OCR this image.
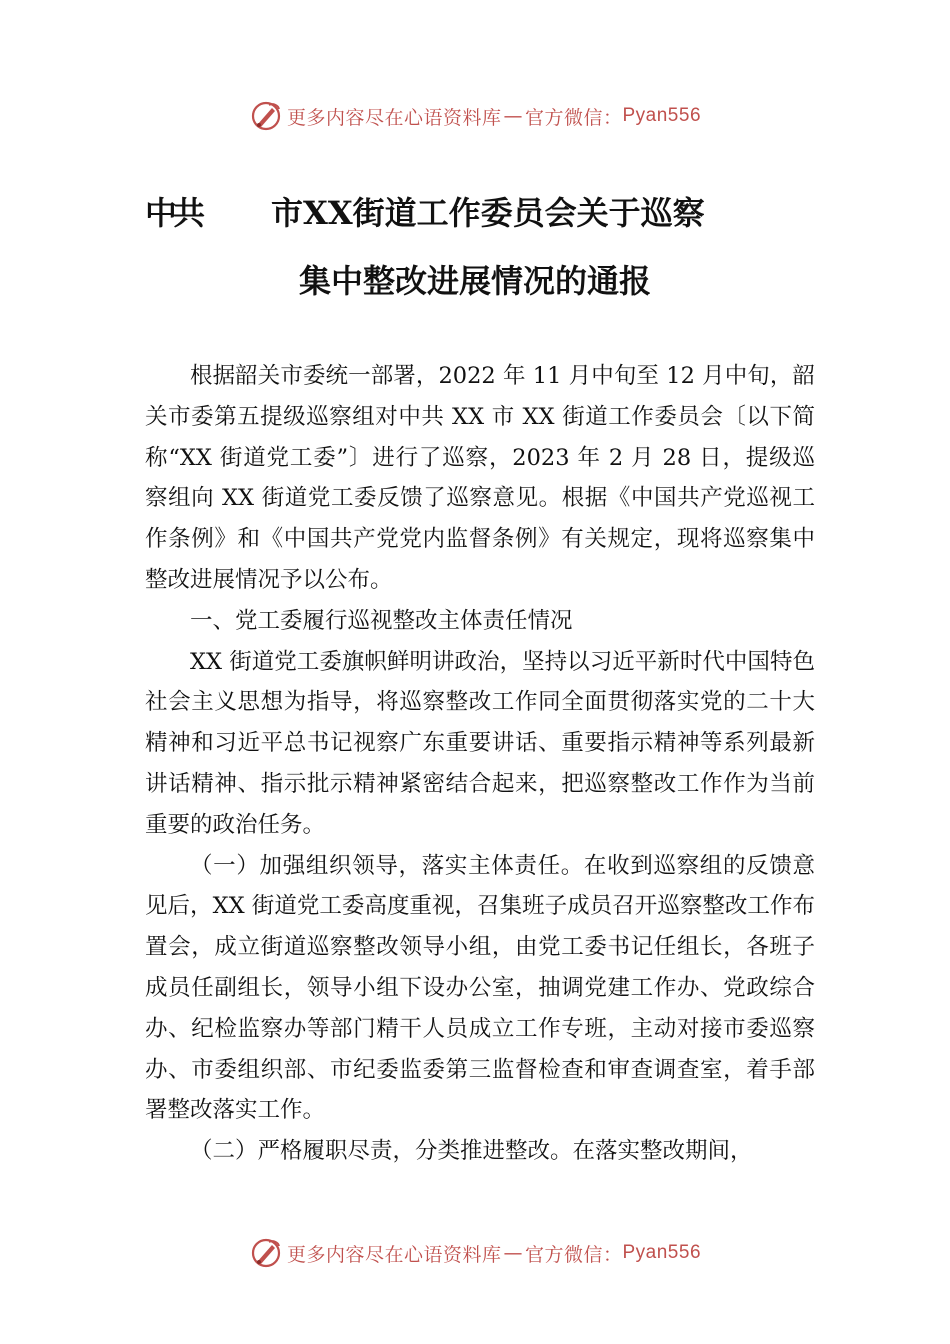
更多内容尽在心语资料库 — 官方微信： Pyan556
中共 市XX街道工作委员会关于巡察
集中整改进展情况的通报

根据韶关市委统一部署，2022 年 11 月中旬至 12 月中旬，韶关市委第五提级巡察组对中共 XX 市 XX 街道工作委员会〔以下简称“XX 街道党工委”〕进行了巡察，2023 年 2 月 28 日，提级巡察组向 XX 街道党工委反馈了巡察意见。根据《中国共产党巡视工作条例》和《中国共产党党内监督条例》有关规定，现将巡察集中整改进展情况予以公布。

一、党工委履行巡视整改主体责任情况

XX 街道党工委旗帜鲜明讲政治，坚持以习近平新时代中国特色社会主义思想为指导，将巡察整改工作同全面贯彻落实党的二十大精神和习近平总书记视察广东重要讲话、重要指示精神等系列最新讲话精神、指示批示精神紧密结合起来，把巡察整改工作作为当前重要的政治任务。

（一）加强组织领导，落实主体责任。在收到巡察组的反馈意见后，XX 街道党工委高度重视，召集班子成员召开巡察整改工作布置会，成立街道巡察整改领导小组，由党工委书记任组长，各班子成员任副组长，领导小组下设办公室，抽调党建工作办、党政综合办、纪检监察办等部门精干人员成立工作专班，主动对接市委巡察办、市委组织部、市纪委监委第三监督检查和审查调查室，着手部署整改落实工作。

（二）严格履职尽责，分类推进整改。在落实整改期间，

更多内容尽在心语资料库 — 官方微信： Pyan556
